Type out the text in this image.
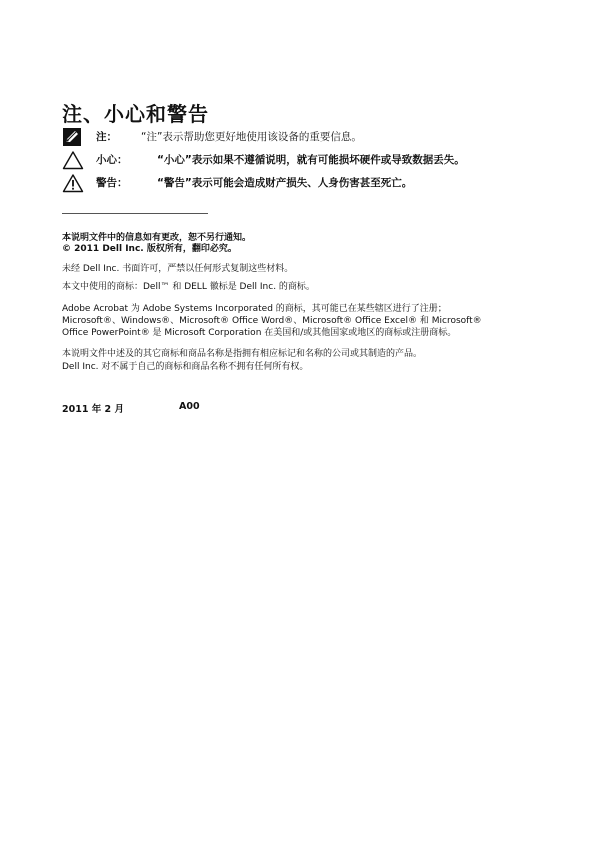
注、小心和警告
注： “注”表示帮助您更好地使用该设备的重要信息。
小心：	“小心”表示如果不遵循说明，就有可能损坏硬件或导致数据丢失。
警告：	“警告”表示可能会造成财产损失、人身伤害甚至死亡。
本说明文件中的信息如有更改，恕不另行通知。
© 2011 Dell Inc. 版权所有，翻印必究。
未经 Dell Inc. 书面许可，严禁以任何形式复制这些材料。
本文中使用的商标：Dell™ 和 DELL 徽标是 Dell Inc. 的商标。
Adobe Acrobat 为 Adobe Systems Incorporated 的商标，其可能已在某些辖区进行了注册；
Microsoft®、Windows®、Microsoft® Office Word®、Microsoft® Office Excel® 和 Microsoft®
Office PowerPoint® 是 Microsoft Corporation 在美国和/或其他国家或地区的商标或注册商标。
本说明文件中述及的其它商标和商品名称是指拥有相应标记和名称的公司或其制造的产品。
Dell Inc. 对不属于自己的商标和商品名称不拥有任何所有权。
2011 年 2 月	A00
